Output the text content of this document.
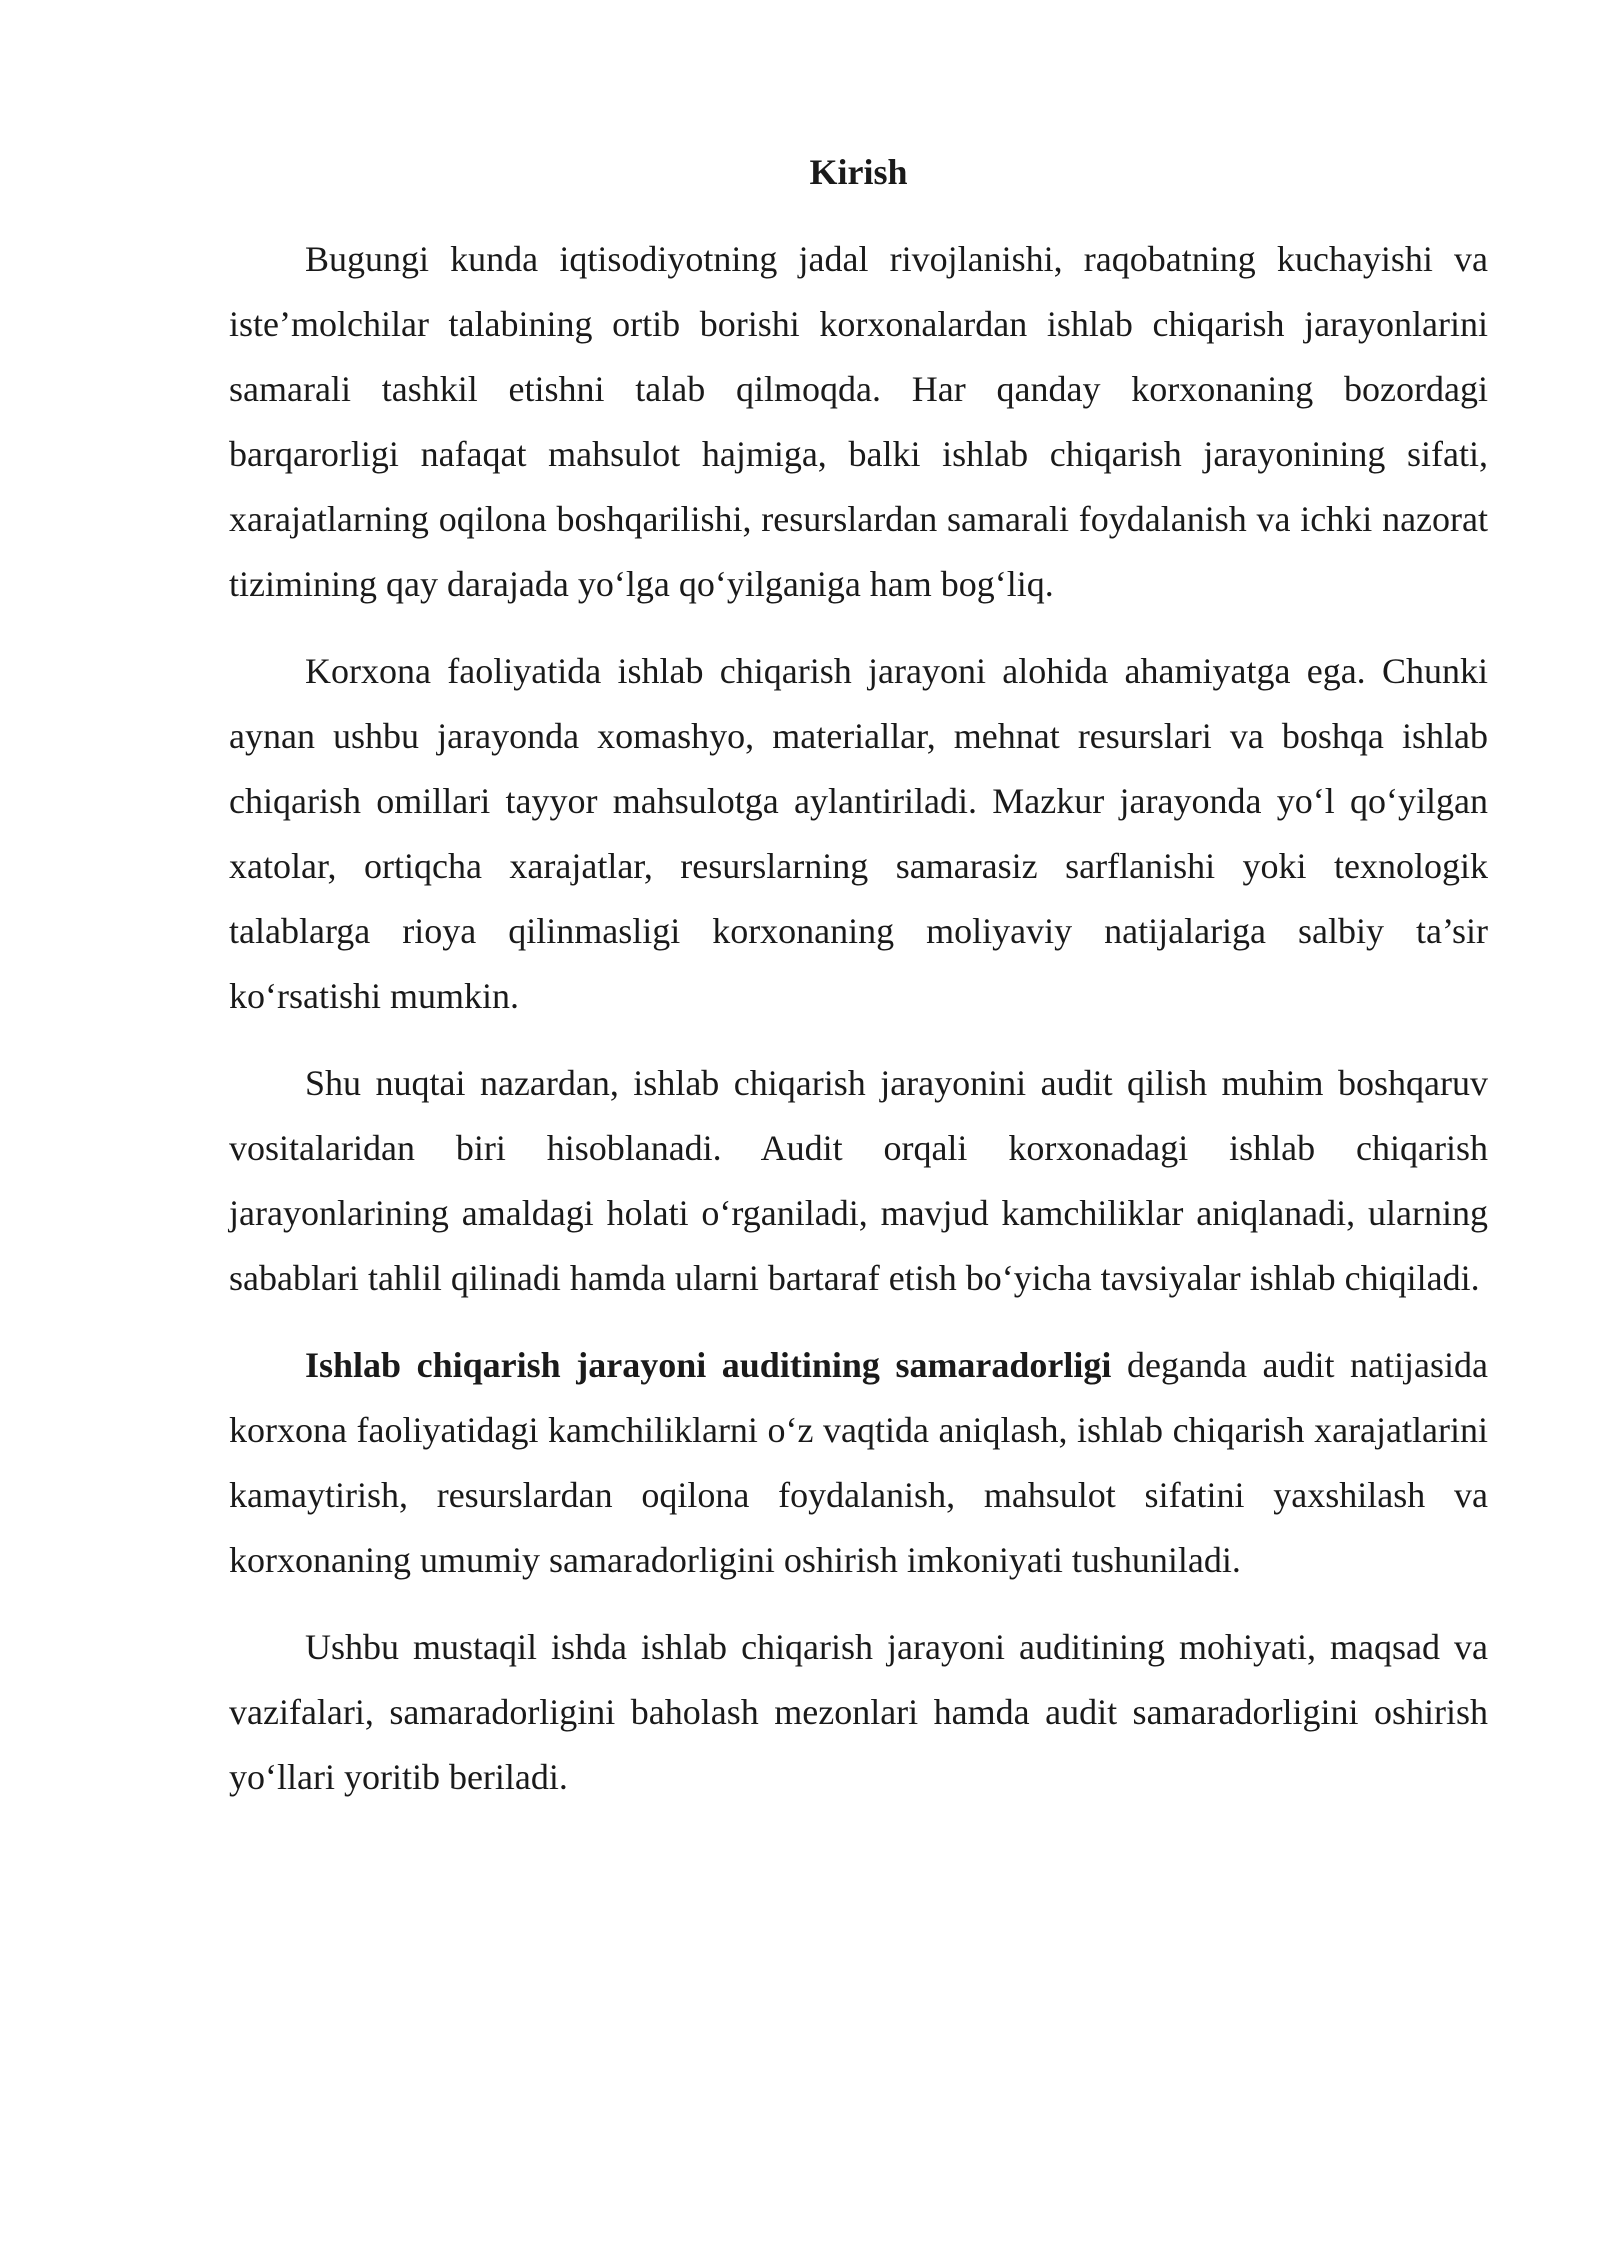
Kirish

Bugungi kunda iqtisodiyotning jadal rivojlanishi, raqobatning kuchayishi va iste’molchilar talabining ortib borishi korxonalardan ishlab chiqarish jarayonlarini samarali tashkil etishni talab qilmoqda. Har qanday korxonaning bozordagi barqarorligi nafaqat mahsulot hajmiga, balki ishlab chiqarish jarayonining sifati, xarajatlarning oqilona boshqarilishi, resurslardan samarali foydalanish va ichki nazorat tizimining qay darajada yo‘lga qo‘yilganiga ham bog‘liq.

Korxona faoliyatida ishlab chiqarish jarayoni alohida ahamiyatga ega. Chunki aynan ushbu jarayonda xomashyo, materiallar, mehnat resurslari va boshqa ishlab chiqarish omillari tayyor mahsulotga aylantiriladi. Mazkur jarayonda yo‘l qo‘yilgan xatolar, ortiqcha xarajatlar, resurslarning samarasiz sarflanishi yoki texnologik talablarga rioya qilinmasligi korxonaning moliyaviy natijalariga salbiy ta’sir ko‘rsatishi mumkin.

Shu nuqtai nazardan, ishlab chiqarish jarayonini audit qilish muhim boshqaruv vositalaridan biri hisoblanadi. Audit orqali korxonadagi ishlab chiqarish jarayonlarining amaldagi holati o‘rganiladi, mavjud kamchiliklar aniqlanadi, ularning sabablari tahlil qilinadi hamda ularni bartaraf etish bo‘yicha tavsiyalar ishlab chiqiladi.

Ishlab chiqarish jarayoni auditining samaradorligi deganda audit natijasida korxona faoliyatidagi kamchiliklarni o‘z vaqtida aniqlash, ishlab chiqarish xarajatlarini kamaytirish, resurslardan oqilona foydalanish, mahsulot sifatini yaxshilash va korxonaning umumiy samaradorligini oshirish imkoniyati tushuniladi.

Ushbu mustaqil ishda ishlab chiqarish jarayoni auditining mohiyati, maqsad va vazifalari, samaradorligini baholash mezonlari hamda audit samaradorligini oshirish yo‘llari yoritib beriladi.
